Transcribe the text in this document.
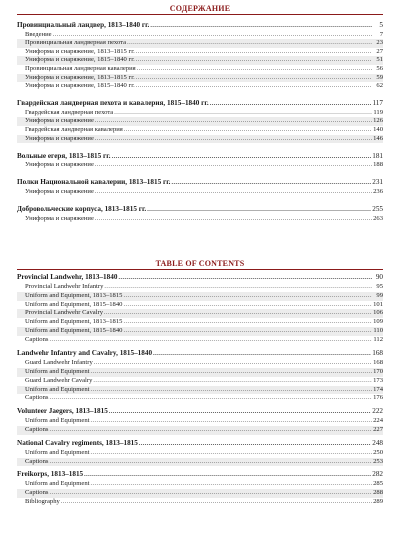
СОДЕРЖАНИЕ
Провинциальный ландвер, 1813–1840 гг. .....	5
Введение .....	7
Провинциальная ландверная пехота .....	23
Униформа и снаряжение, 1813–1815 гг. .....	27
Униформа и снаряжение, 1815–1840 гг. .....	51
Провинциальная ландверная кавалерия .....	56
Униформа и снаряжение, 1813–1815 гг. .....	59
Униформа и снаряжение, 1815–1840 гг. .....	62
Гвардейская ландверная пехота и кавалерия, 1815–1840 гг. .....	117
Гвардейская ландверная пехота .....	119
Униформа и снаряжение .....	126
Гвардейская ландверная кавалерия .....	140
Униформа и снаряжение .....	146
Вольные егеря, 1813–1815 гг. .....	181
Униформа и снаряжение .....	188
Полки Национальной кавалерии, 1813–1815 гг. .....	231
Униформа и снаряжение .....	236
Добровольческие корпуса, 1813–1815 гг. .....	255
Униформа и снаряжение .....	263
TABLE OF CONTENTS
Provincial Landwehr, 1813–1840 .....	90
Provincial Landwehr Infantry .....	95
Uniform and Equipment, 1813–1815 .....	99
Uniform and Equipment, 1815–1840 .....	101
Provincial Landwehr Cavalry .....	106
Uniform and Equipment, 1813–1815 .....	109
Uniform and Equipment, 1815–1840 .....	110
Captions .....	112
Landwehr Infantry and Cavalry, 1815–1840 .....	168
Guard Landwehr Infantry .....	168
Uniform and Equipment .....	170
Guard Landwehr Cavalry .....	173
Uniform and Equipment .....	174
Captions .....	176
Volunteer Jaegers, 1813–1815 .....	222
Uniform and Equipment .....	224
Captions .....	227
National Cavalry regiments, 1813–1815 .....	248
Uniform and Equipment .....	250
Captions .....	253
Freikorps, 1813–1815 .....	282
Uniform and Equipment .....	285
Captions .....	288
Bibliography .....	289
